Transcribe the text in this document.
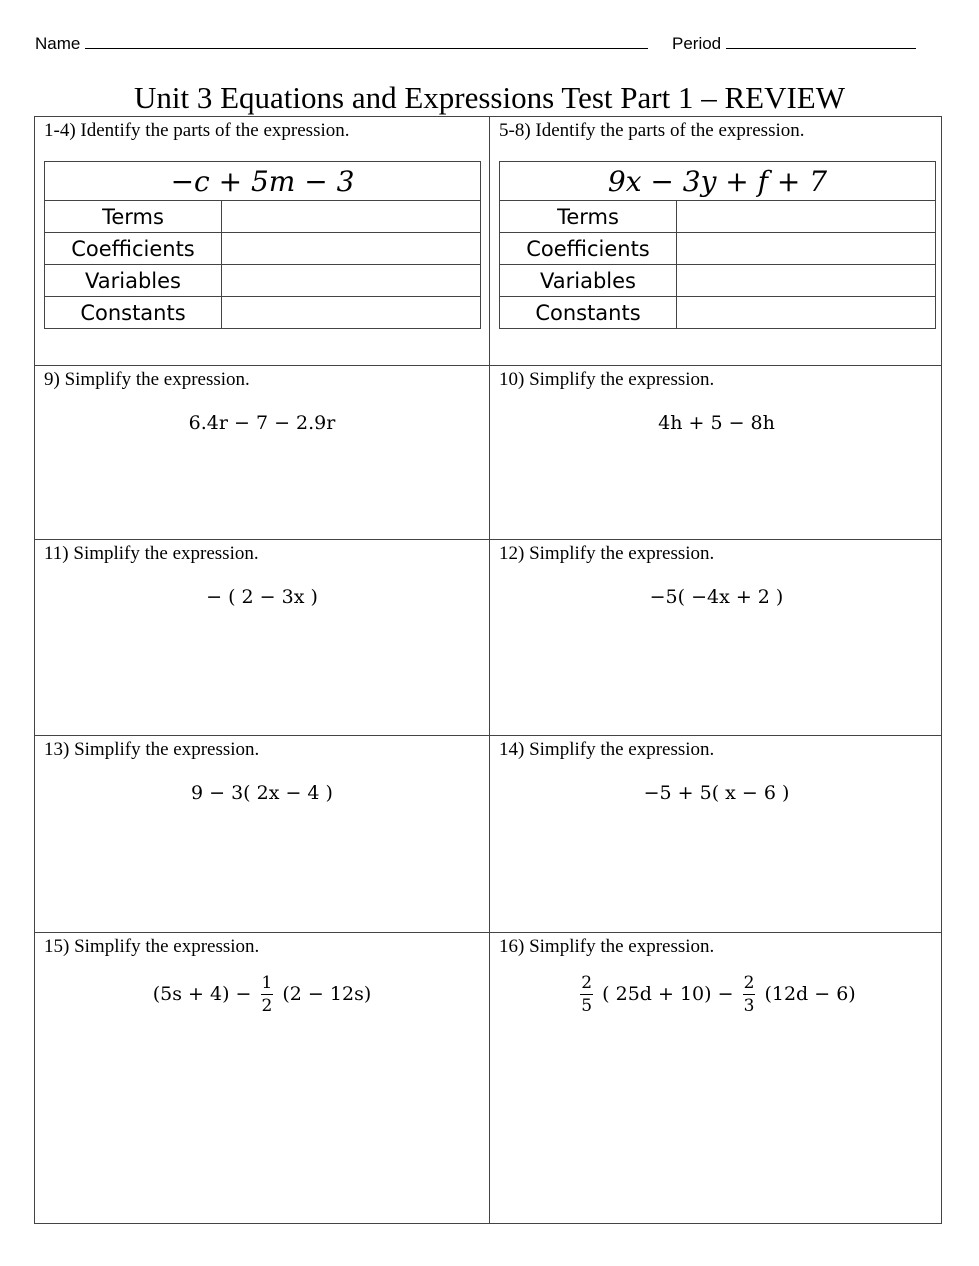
Name	Period
Unit 3 Equations and Expressions Test Part 1 – REVIEW
1-4) Identify the parts of the expression.
−c + 5m − 3	
Terms	
Coefficients	
Variables	
Constants	
5-8) Identify the parts of the expression.
9x − 3y + f + 7	
Terms	
Coefficients	
Variables	
Constants	
9) Simplify the expression.
6.4r − 7 − 2.9r
10) Simplify the expression.
4h + 5 − 8h
11) Simplify the expression.
− ( 2 − 3x )
12) Simplify the expression.
−5( −4x + 2 )
13) Simplify the expression.
9 − 3( 2x − 4 )
14) Simplify the expression.
−5 + 5( x − 6 )
15) Simplify the expression.
$(5s + 4) - \frac{1}{2} (2 - 12s)$
16) Simplify the expression.
$\frac{2}{5}$ ( $25d + 10) - \frac{2}{3} (12d - 6)$
